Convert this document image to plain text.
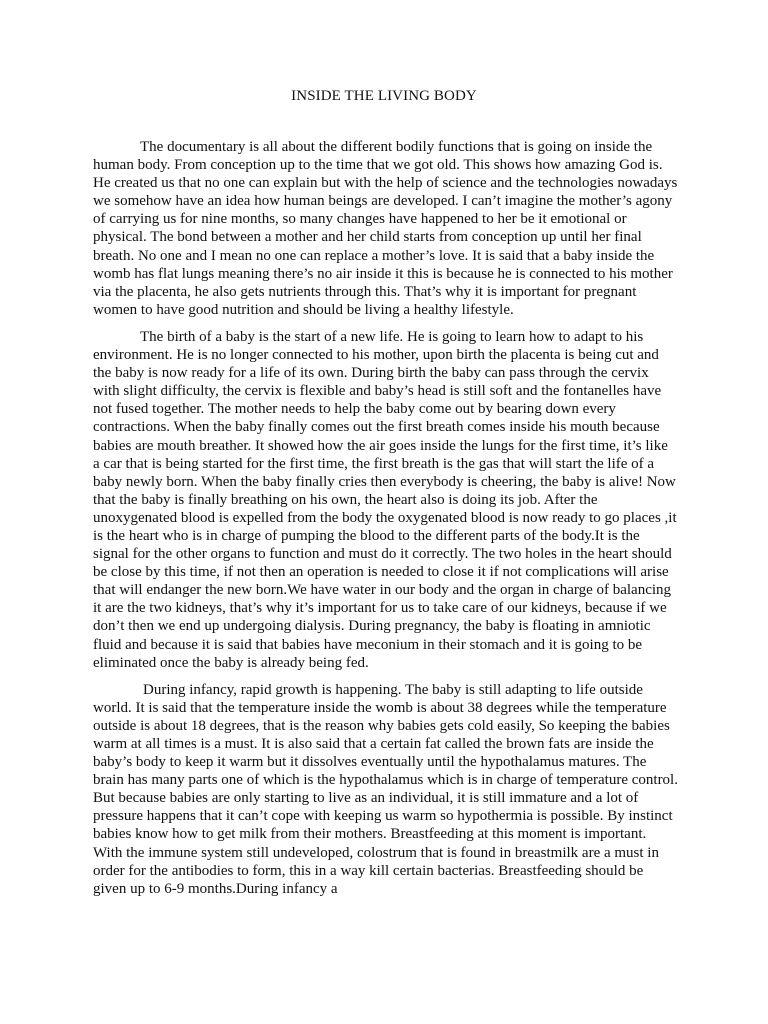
INSIDE THE LIVING BODY

The documentary is all about the different bodily functions that is going on inside the human body. From conception up to the time that we got old. This shows how amazing God is. He created us that no one can explain but with the help of science and the technologies nowadays we somehow have an idea how human beings are developed. I can’t imagine the mother’s agony of carrying us for nine months, so many changes have happened to her be it emotional or physical. The bond between a mother and her child starts from conception up until her final breath. No one and I mean no one can replace a mother’s love. It is said that a baby inside the womb has flat lungs meaning there’s no air inside it this is because he is connected to his mother via the placenta, he also gets nutrients through this. That’s why it is important for pregnant women to have good nutrition and should be living a healthy lifestyle.

The birth of a baby is the start of a new life. He is going to learn how to adapt to his environment. He is no longer connected to his mother, upon birth the placenta is being cut and the baby is now ready for a life of its own. During birth the baby can pass through the cervix with slight difficulty, the cervix is flexible and baby’s head is still soft and the fontanelles have not fused together. The mother needs to help the baby come out by bearing down every contractions. When the baby finally comes out the first breath comes inside his mouth because babies are mouth breather. It showed how the air goes inside the lungs for the first time, it’s like a car that is being started for the first time, the first breath is the gas that will start the life of a baby newly born. When the baby finally cries then everybody is cheering, the baby is alive! Now that the baby is finally breathing on his own, the heart also is doing its job. After the unoxygenated blood is expelled from the body the oxygenated blood is now ready to go places ,it is the heart who is in charge of pumping the blood to the different parts of the body.It is the signal for the other organs to function and must do it correctly. The two holes in the heart should be close by this time, if not then an operation is needed to close it if not complications will arise that will endanger the new born.We have water in our body and the organ in charge of balancing it are the two kidneys, that’s why it’s important for us to take care of our kidneys, because if we don’t then we end up undergoing dialysis. During pregnancy, the baby is floating in amniotic fluid and because it is said that babies have meconium in their stomach and it is going to be eliminated once the baby is already being fed.

During infancy, rapid growth is happening. The baby is still adapting to life outside world. It is said that the temperature inside the womb is about 38 degrees while the temperature outside is about 18 degrees, that is the reason why babies gets cold easily, So keeping the babies warm at all times is a must. It is also said that a certain fat called the brown fats are inside the baby’s body to keep it warm but it dissolves eventually until the hypothalamus matures. The brain has many parts one of which is the hypothalamus which is in charge of temperature control. But because babies are only starting to live as an individual, it is still immature and a lot of pressure happens that it can’t cope with keeping us warm so hypothermia is possible. By instinct babies know how to get milk from their mothers. Breastfeeding at this moment is important. With the immune system still undeveloped, colostrum that is found in breastmilk are a must in order for the antibodies to form, this in a way kill certain bacterias. Breastfeeding should be given up to 6-9 months.During infancy a
